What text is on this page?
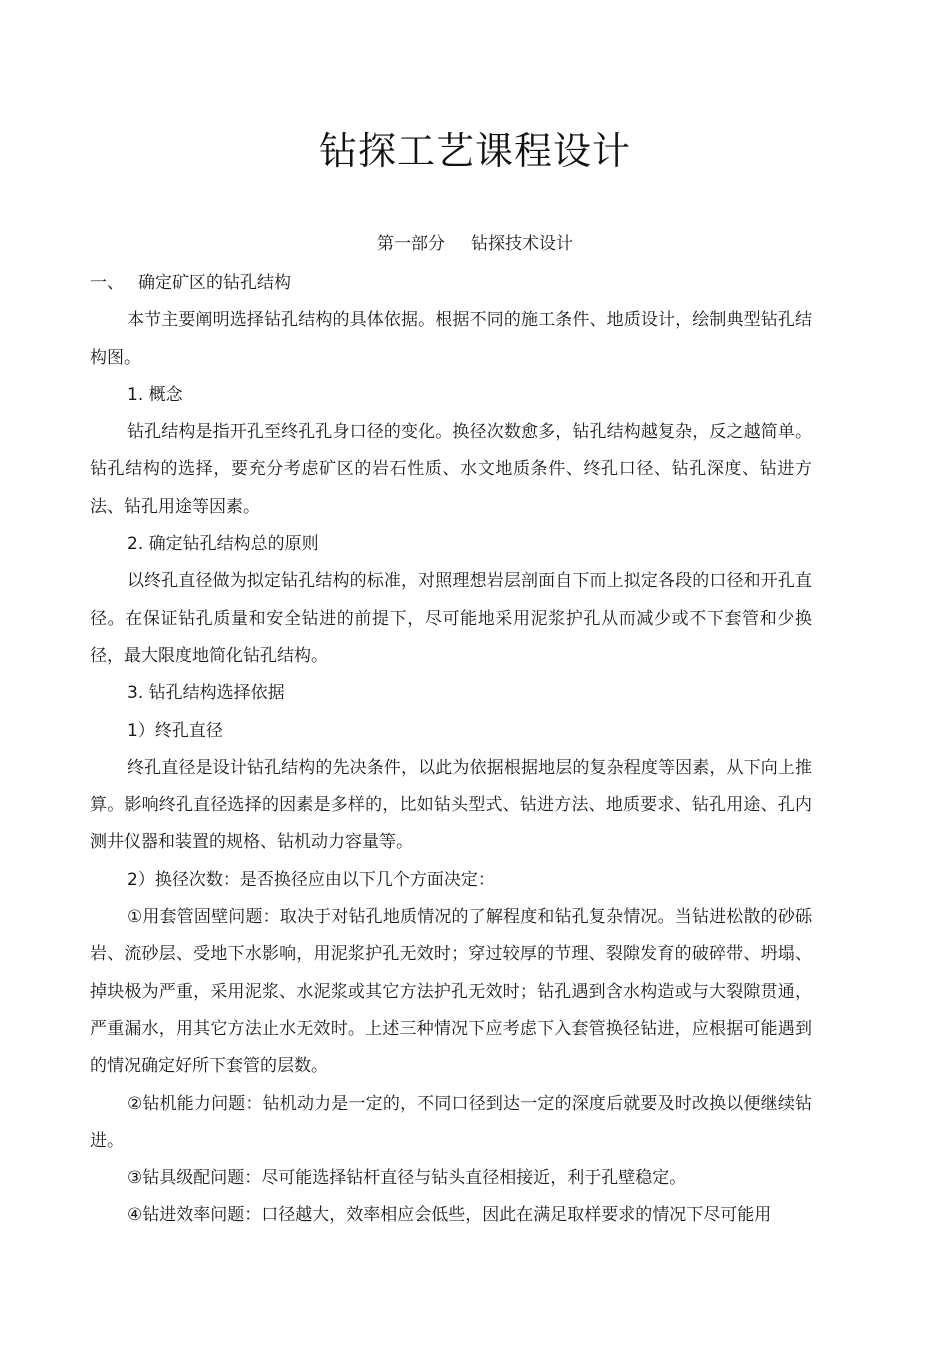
钻探工艺课程设计
第一部分 钻探技术设计

一、 确定矿区的钻孔结构

本节主要阐明选择钻孔结构的具体依据。根据不同的施工条件、地质设计，绘制典型钻孔结构图。

1. 概念

钻孔结构是指开孔至终孔孔身口径的变化。换径次数愈多，钻孔结构越复杂，反之越简单。钻孔结构的选择，要充分考虑矿区的岩石性质、水文地质条件、终孔口径、钻孔深度、钻进方法、钻孔用途等因素。

2. 确定钻孔结构总的原则

以终孔直径做为拟定钻孔结构的标准，对照理想岩层剖面自下而上拟定各段的口径和开孔直径。在保证钻孔质量和安全钻进的前提下，尽可能地采用泥浆护孔从而减少或不下套管和少换径，最大限度地简化钻孔结构。

3. 钻孔结构选择依据

1）终孔直径

终孔直径是设计钻孔结构的先决条件，以此为依据根据地层的复杂程度等因素，从下向上推算。影响终孔直径选择的因素是多样的，比如钻头型式、钻进方法、地质要求、钻孔用途、孔内测井仪器和装置的规格、钻机动力容量等。

2）换径次数：是否换径应由以下几个方面决定：

①用套管固壁问题：取决于对钻孔地质情况的了解程度和钻孔复杂情况。当钻进松散的砂砾岩、流砂层、受地下水影响，用泥浆护孔无效时；穿过较厚的节理、裂隙发育的破碎带、坍塌、掉块极为严重，采用泥浆、水泥浆或其它方法护孔无效时；钻孔遇到含水构造或与大裂隙贯通，严重漏水，用其它方法止水无效时。上述三种情况下应考虑下入套管换径钻进，应根据可能遇到的情况确定好所下套管的层数。

②钻机能力问题：钻机动力是一定的，不同口径到达一定的深度后就要及时改换以便继续钻进。

③钻具级配问题：尽可能选择钻杆直径与钻头直径相接近，利于孔壁稳定。

④钻进效率问题：口径越大，效率相应会低些，因此在满足取样要求的情况下尽可能用
